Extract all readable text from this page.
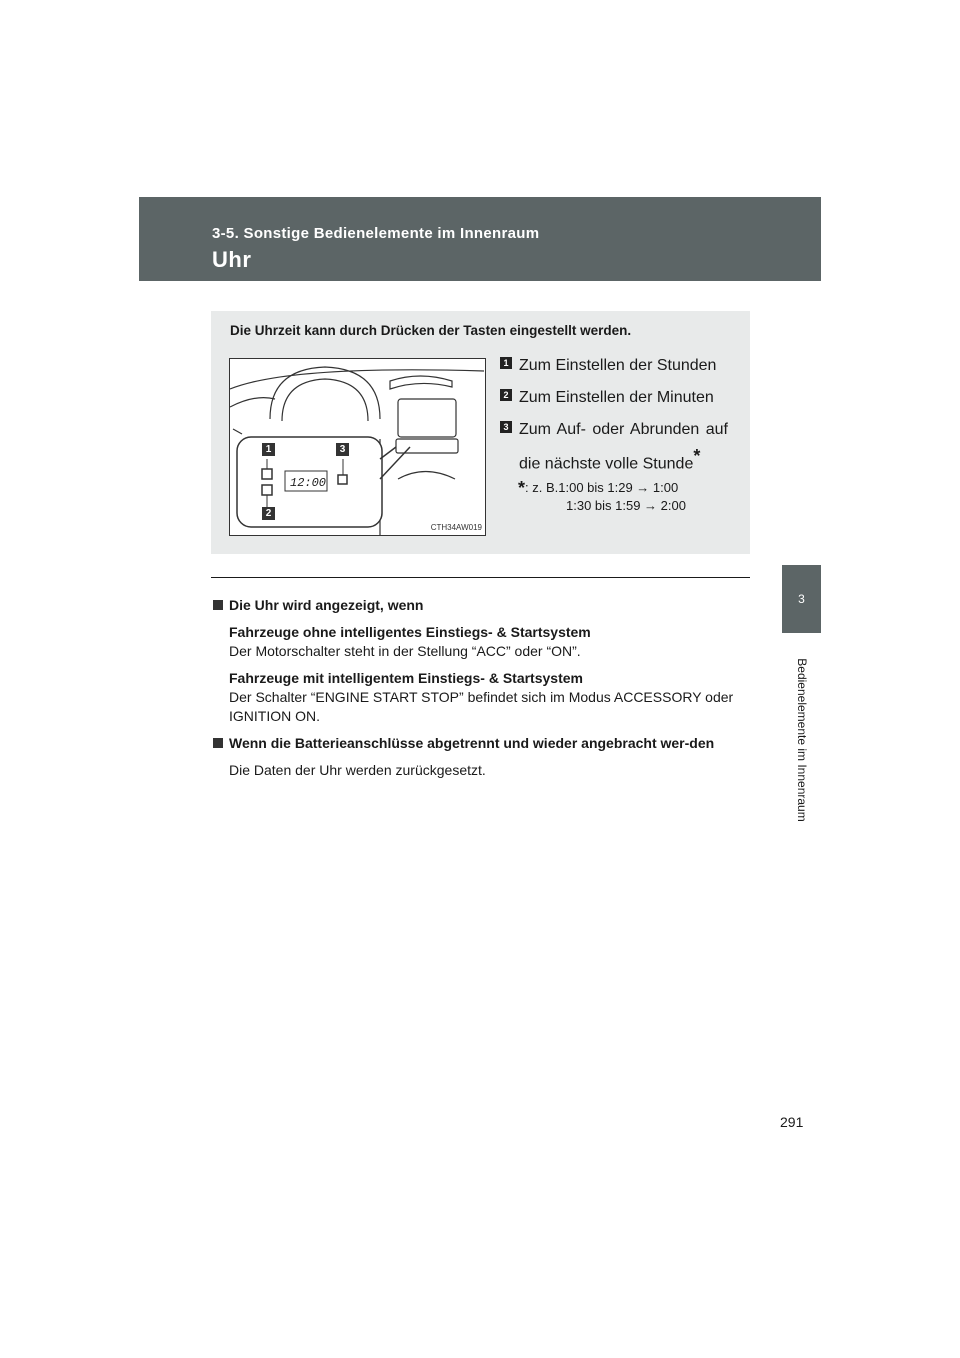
3-5. Sonstige Bedienelemente im Innenraum
Uhr
3
Bedienelemente im Innenraum
Die Uhrzeit kann durch Drücken der Tasten eingestellt werden.
12:00
1	3
2
CTH34AW019
1 Zum Einstellen der Stunden
2 Zum Einstellen der Minuten
3 Zum Auf- oder Abrunden auf die nächste volle Stunde*
*: z. B.1:00 bis 1:29 → 1:00
1:30 bis 1:59 → 2:00
Die Uhr wird angezeigt, wenn
Fahrzeuge ohne intelligentes Einstiegs- & Startsystem
Der Motorschalter steht in der Stellung “ACC” oder “ON”.
Fahrzeuge mit intelligentem Einstiegs- & Startsystem
Der Schalter “ENGINE START STOP” befindet sich im Modus ACCESSORY oder IGNITION ON.
Wenn die Batterieanschlüsse abgetrennt und wieder angebracht wer-den
Die Daten der Uhr werden zurückgesetzt.
291
